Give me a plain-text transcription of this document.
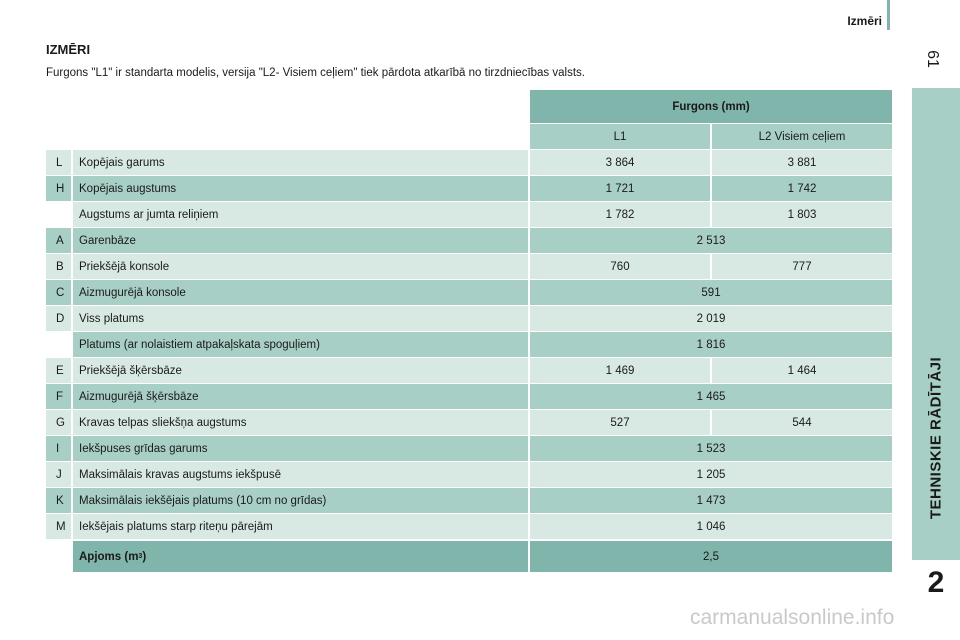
Izmēri
61
TEHNISKIE RĀDĪTĀJI
2
IZMĒRI
Furgons "L1" ir standarta modelis, versija "L2- Visiem ceļiem" tiek pārdota atkarībā no tirzdniecības valsts.
Furgons (mm)
L1	L2 Visiem ceļiem
L	Kopējais garums	3 864	3 881
H	Kopējais augstums	1 721	1 742
Augstums ar jumta reliņiem	1 782	1 803
A	Garenbāze	2 513
B	Priekšējā konsole	760	777
C	Aizmugurējā konsole	591
D	Viss platums	2 019
Platums (ar nolaistiem atpakaļskata spoguļiem)	1 816
E	Priekšējā šķērsbāze	1 469	1 464
F	Aizmugurējā šķērsbāze	1 465
G	Kravas telpas sliekšņa augstums	527	544
I	Iekšpuses grīdas garums	1 523
J	Maksimālais kravas augstums iekšpusē	1 205
K	Maksimālais iekšējais platums (10 cm no grīdas)	1 473
M	Iekšējais platums starp riteņu pārejām	1 046
Apjoms (m 3 )	2,5
carmanualsonline.info
